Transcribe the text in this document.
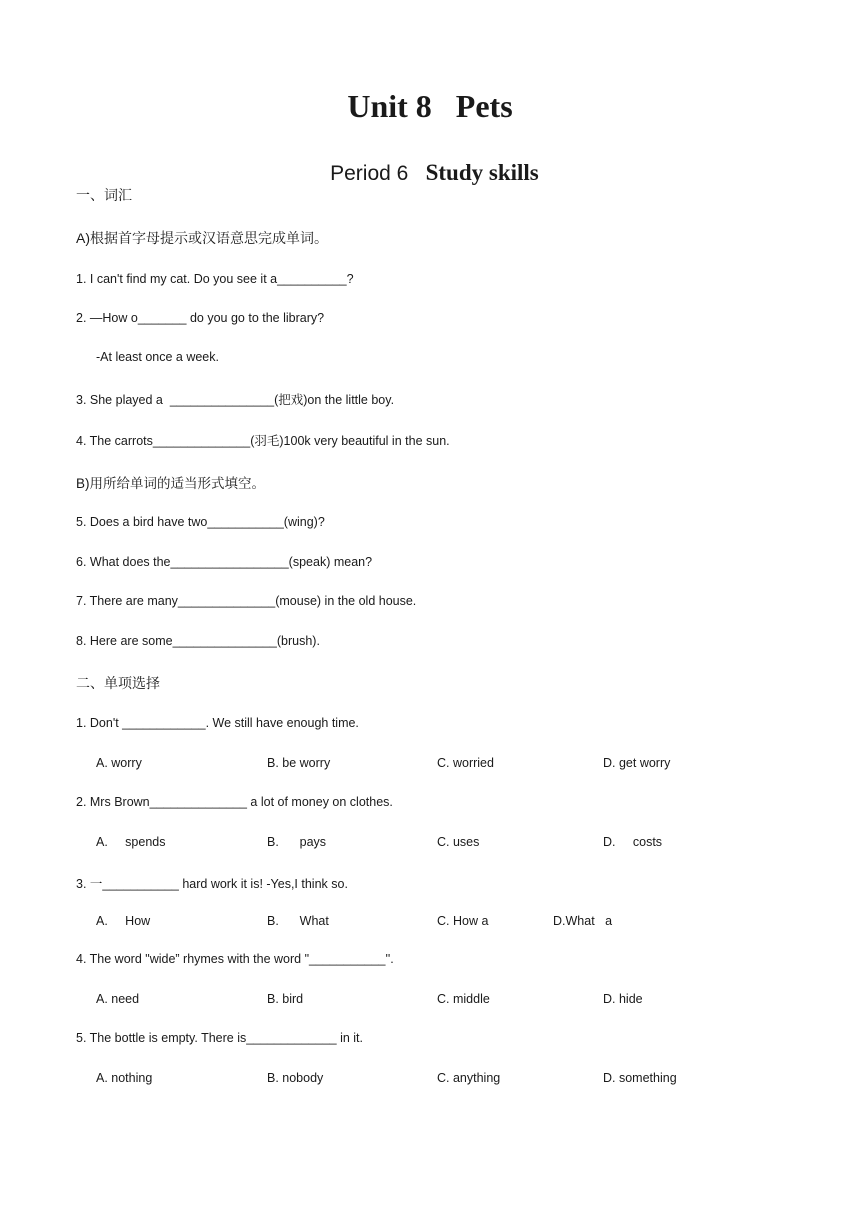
Unit 8   Pets

Period 6 Study skills

一、词汇
A)根据首字母提示或汉语意思完成单词。
1. I can't find my cat. Do you see it a__________?
2. —How o_______ do you go to the library?
-At least once a week.
3. She played a  _______________(把戏)on the little boy.
4. The carrots______________(羽毛)100k very beautiful in the sun.
B)用所给单词的适当形式填空。
5. Does a bird have two___________(wing)?
6. What does the_________________(speak) mean?
7. There are many______________(mouse) in the old house.
8. Here are some_______________(brush).
二、单项选择
1. Don't ____________. We still have enough time.
A. worry	B. be worry	C. worried	D. get worry
2. Mrs Brown______________ a lot of money on clothes.
A.     spends	B.      pays	C. uses	D.     costs
3. 一___________ hard work it is! -Yes,I think so.
A.     How	B.      What	C. How a	D.What   a
4. The word "wide” rhymes with the word "___________''.
A. need	B. bird	C. middle	D. hide
5. The bottle is empty. There is_____________ in it.
A. nothing	B. nobody	C. anything	D. something
